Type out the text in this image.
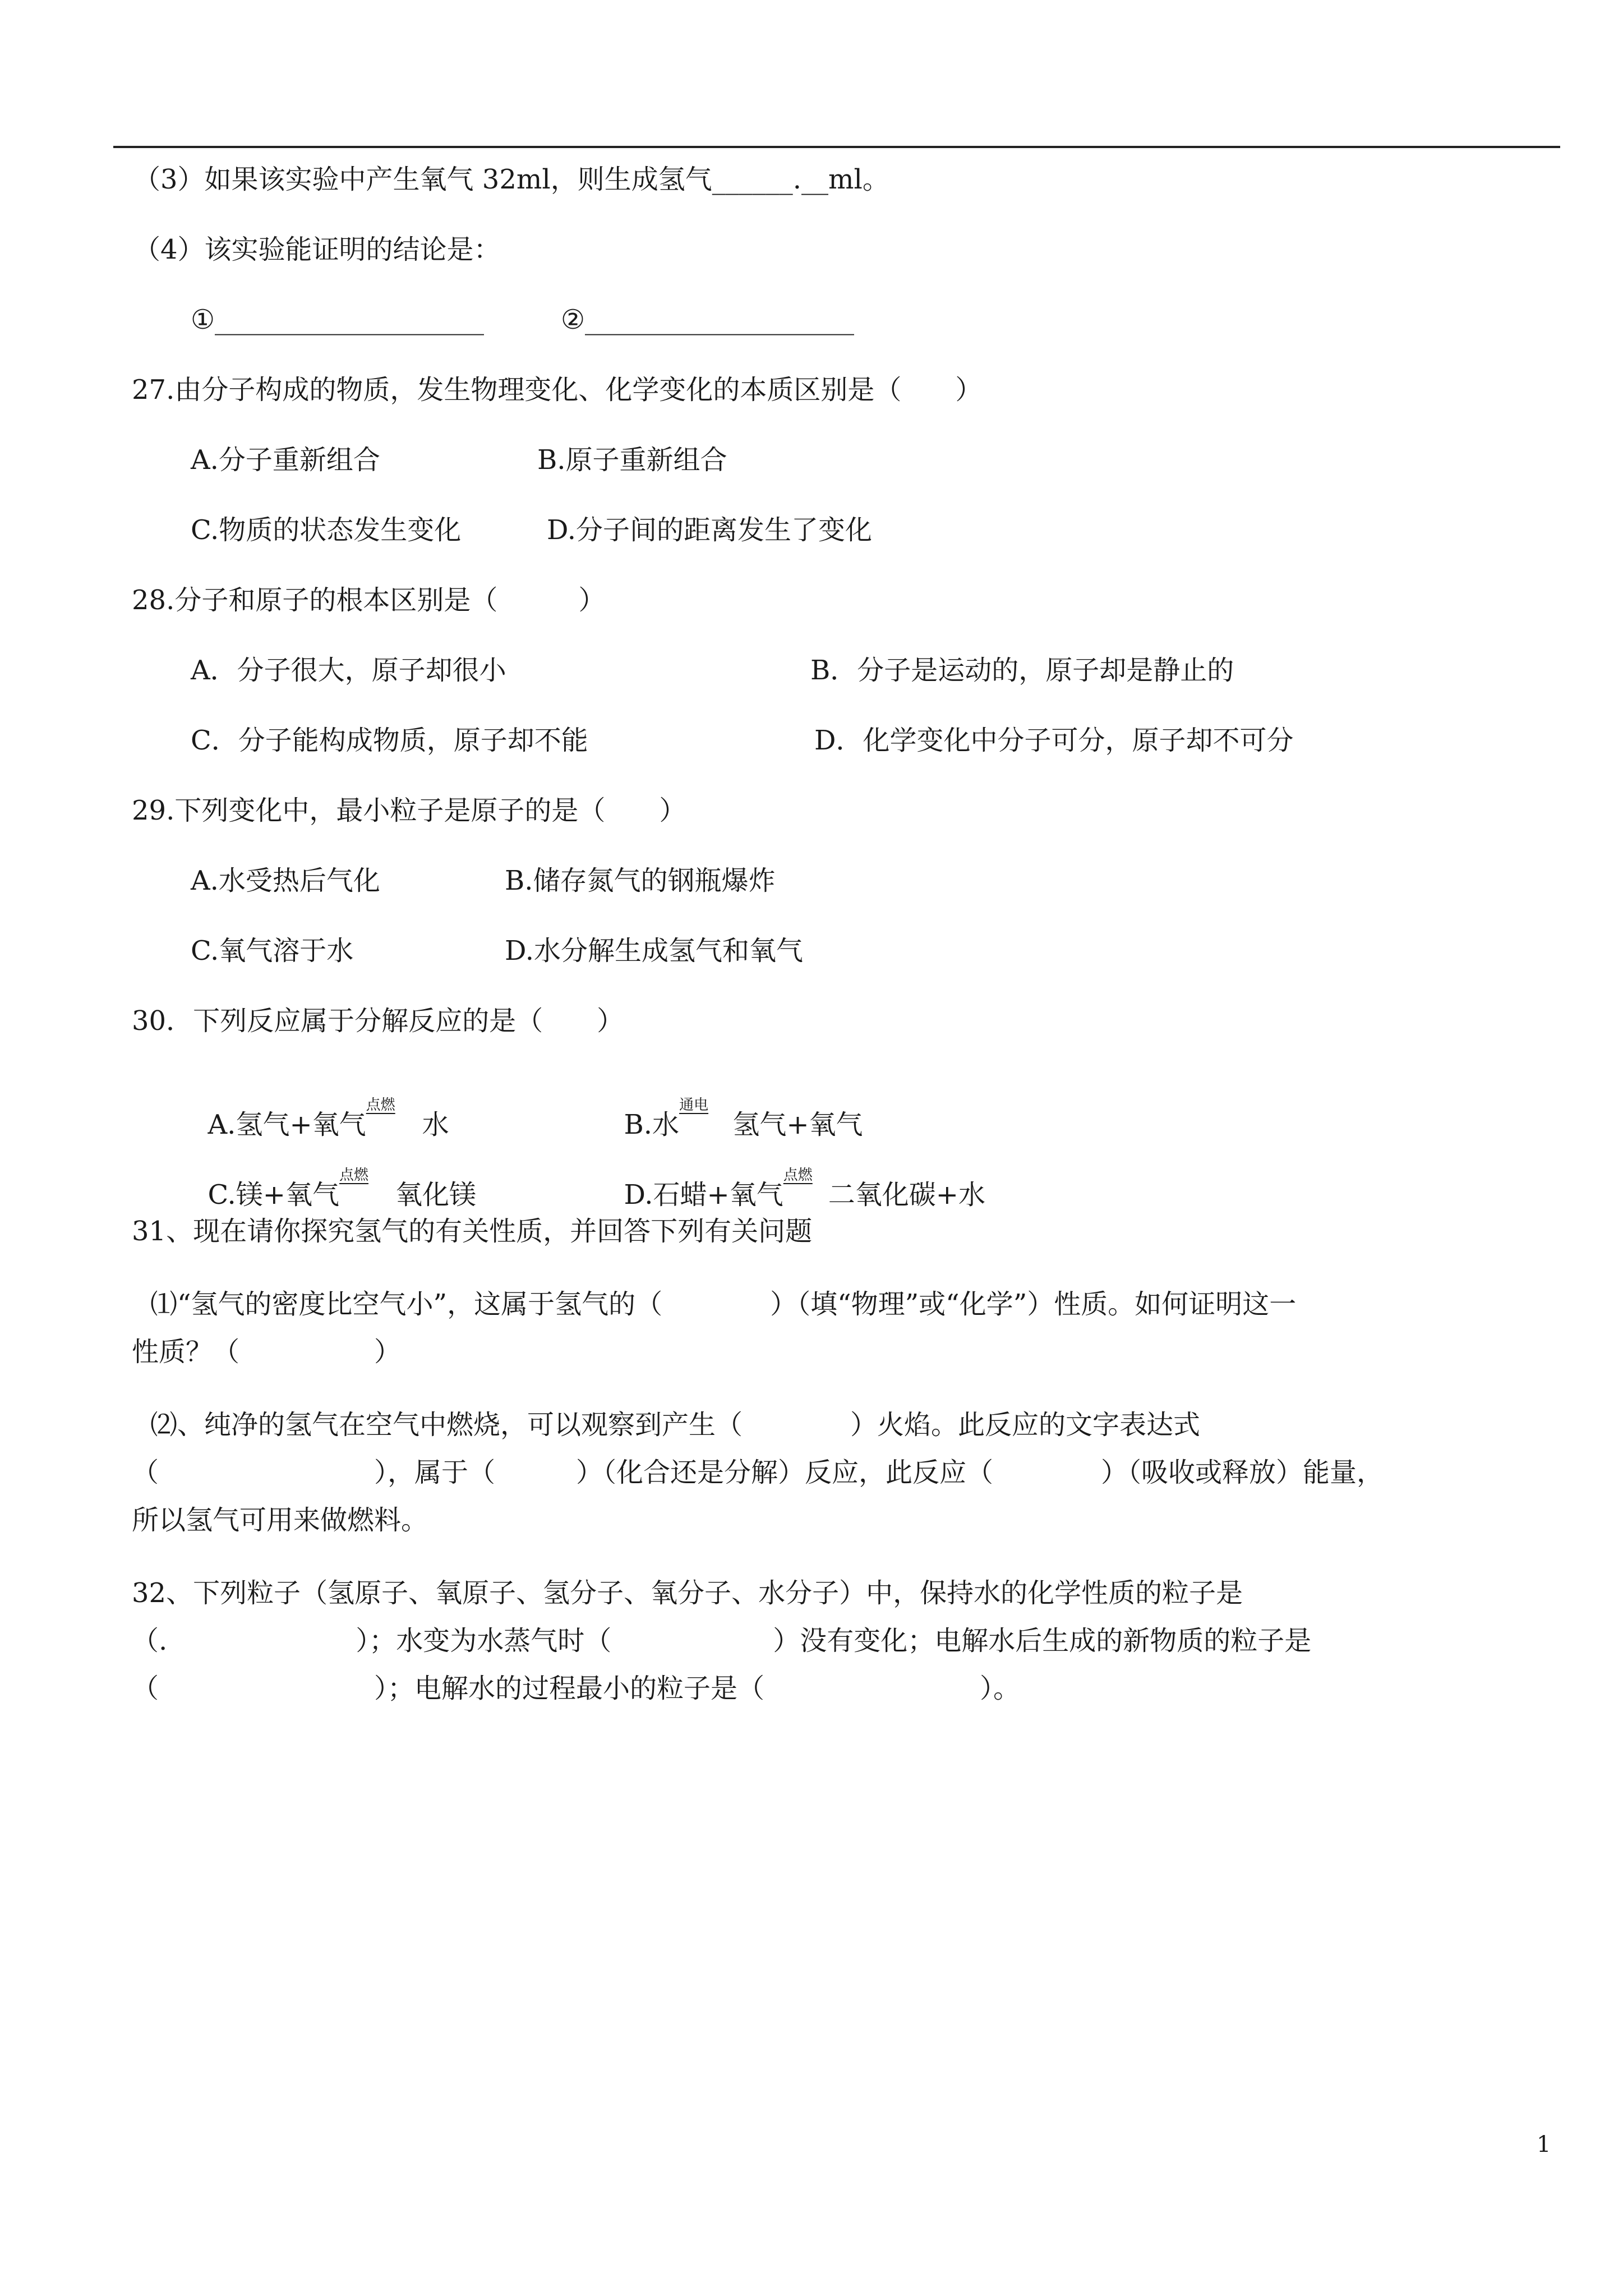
（3）如果该实验中产生氧气 32ml，则生成氢气______.__ml。
（4）该实验能证明的结论是：
①____________________	②____________________
27.由分子构成的物质，发生物理变化、化学变化的本质区别是（　　）
A.分子重新组合	B.原子重新组合
C.物质的状态发生变化	D.分子间的距离发生了变化
28.分子和原子的根本区别是（　　　）
A．分子很大，原子却很小	B．分子是运动的，原子却是静止的
C．分子能构成物质，原子却不能	D．化学变化中分子可分，原子却不可分
29.下列变化中，最小粒子是原子的是（　　）
A.水受热后气化	B.储存氮气的钢瓶爆炸
C.氧气溶于水	D.水分解生成氢气和氧气
30．下列反应属于分解反应的是（　　）

A.氢气+氧气
点燃
水	B.水
通电
氢气+氧气

C.镁+氧气
点燃
氧化镁	D.石蜡+氧气
点燃
二氧化碳+水

31、现在请你探究氢气的有关性质，并回答下列有关问题
⑴“氢气的密度比空气小”，这属于氢气的（　　　　）（填“物理”或“化学”）性质。如何证明这一
性质？（　　　　　）
⑵、纯净的氢气在空气中燃烧，可以观察到产生（　　　　）火焰。此反应的文字表达式
（　　　　　　　　），属于（　　　）（化合还是分解）反应，此反应（　　　　）（吸收或释放）能量，
所以氢气可用来做燃料。
32、下列粒子（氢原子、氧原子、氢分子、氧分子、水分子）中，保持水的化学性质的粒子是
（.　　　　　　　）；水变为水蒸气时（　　　　　　）没有变化；电解水后生成的新物质的粒子是
（　　　　　　　　）；电解水的过程最小的粒子是（　　　　　　　　）。
1
